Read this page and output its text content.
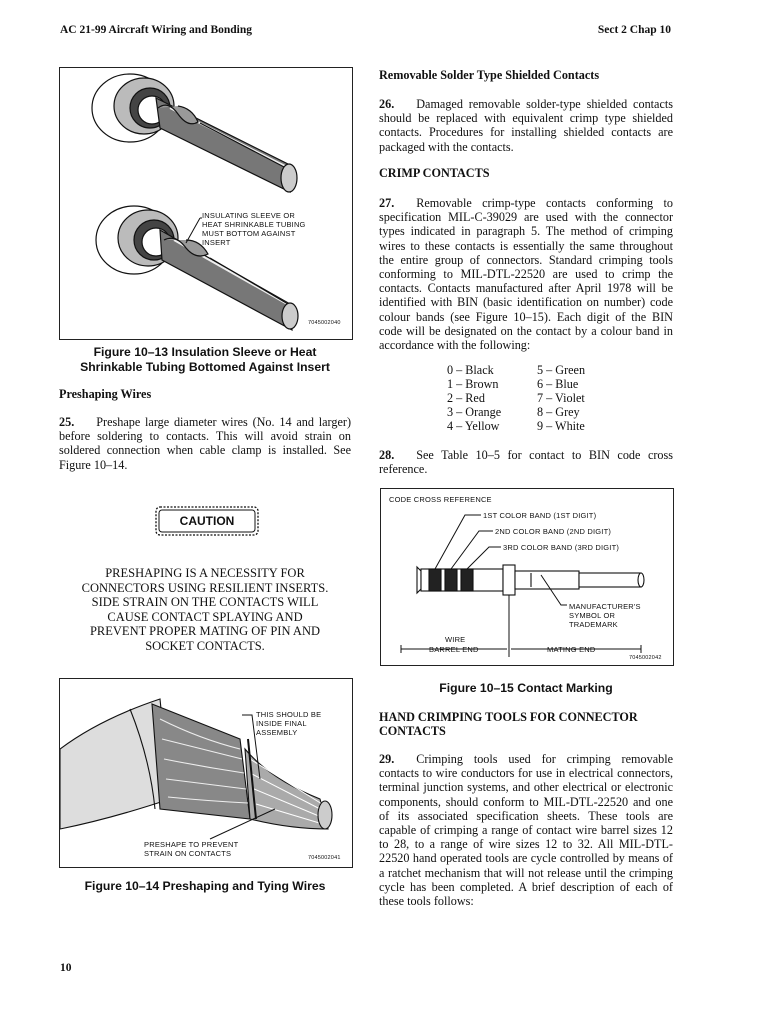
AC 21-99 Aircraft Wiring and Bonding	Sect 2 Chap 10
INSULATING SLEEVE OR
HEAT SHRINKABLE TUBING
MUST BOTTOM AGAINST
INSERT
7045002040
Figure 10–13 Insulation Sleeve or Heat
Shrinkable Tubing Bottomed Against Insert
Preshaping Wires
25. Preshape large diameter wires (No. 14 and larger) before soldering to contacts. This will avoid strain on soldered connection when cable clamp is installed. See Figure 10–14.
CAUTION
PRESHAPING IS A NECESSITY FOR
CONNECTORS USING RESILIENT INSERTS.
SIDE STRAIN ON THE CONTACTS WILL
CAUSE CONTACT SPLAYING AND
PREVENT PROPER MATING OF PIN AND
SOCKET CONTACTS.
THIS SHOULD BE
INSIDE FINAL
ASSEMBLY
PRESHAPE TO PREVENT
STRAIN ON CONTACTS	7045002041
Figure 10–14 Preshaping and Tying Wires
Removable Solder Type Shielded Contacts
26. Damaged removable solder-type shielded contacts should be replaced with equivalent crimp type shielded contacts. Procedures for installing shielded contacts are packaged with the contacts.
CRIMP CONTACTS
27. Removable crimp-type contacts conforming to specification MIL-C-39029 are used with the connector types indicated in paragraph 5. The method of crimping wires to these contacts is essentially the same throughout the entire group of connectors. Standard crimping tools conforming to MIL-DTL-22520 are used to crimp the contacts. Contacts manufactured after April 1978 will be identified with BIN (basic identification on number) code colour bands (see Figure 10–15). Each digit of the BIN code will be designated on the contact by a colour band in accordance with the following:
0 – Black	5 – Green
1 – Brown	6 – Blue
2 – Red	7 – Violet
3 – Orange	8 – Grey
4 – Yellow	9 – White
28. See Table 10–5 for contact to BIN code cross reference.
CODE CROSS REFERENCE
1ST COLOR BAND (1ST DIGIT)
2ND COLOR BAND (2ND DIGIT)
3RD COLOR BAND (3RD DIGIT)
MANUFACTURER'S
SYMBOL OR
TRADEMARK
WIRE
BARREL END	MATING END
7045002042
Figure 10–15 Contact Marking
HAND CRIMPING TOOLS FOR CONNECTOR
CONTACTS
29. Crimping tools used for crimping removable contacts to wire conductors for use in electrical connectors, terminal junction systems, and other electrical or electronic components, should conform to MIL-DTL-22520 and one of its associated specification sheets. These tools are capable of crimping a range of contact wire barrel sizes 12 to 28, to a range of wire sizes 12 to 32. All MIL-DTL-22520 hand operated tools are cycle controlled by means of a ratchet mechanism that will not release until the crimping cycle has been completed. A brief description of each of these tools follows:
10
